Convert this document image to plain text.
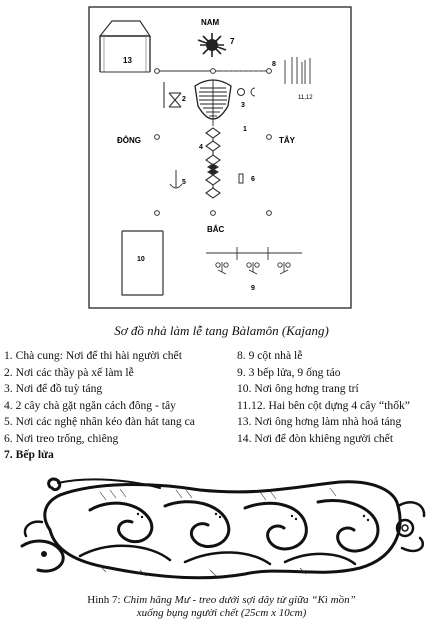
NAM
ĐÔNG	TÂY
BẮC
13
7
8
11,12
2
1
3
4
5	6
10
9
Sơ đồ nhà làm lễ tang Bàlamôn (Kajang)
1. Chà cung: Nơi để thi hài người chết
2. Nơi các thầy pà xế làm lễ
3. Nơi để đồ tuỳ táng
4. 2 cây chà gặt ngăn cách đông - tây
5. Nơi các nghệ nhân kéo đàn hát tang ca
6. Nơi treo trống, chiêng
7. Bếp lửa
8. 9 cột nhà lễ
9. 3 bếp lửa, 9 ống táo
10. Nơi ông hơng trang trí
11.12. Hai bên cột dựng 4 cây “thốk”
13. Nơi ông hơng làm nhà hoả táng
14. Nơi để đòn khiêng người chết
Hình 7: Chim hăng Mư - treo dưới sợi dây từ giữa “Kì mồn”
xuống bụng người chết (25cm x 10cm)
